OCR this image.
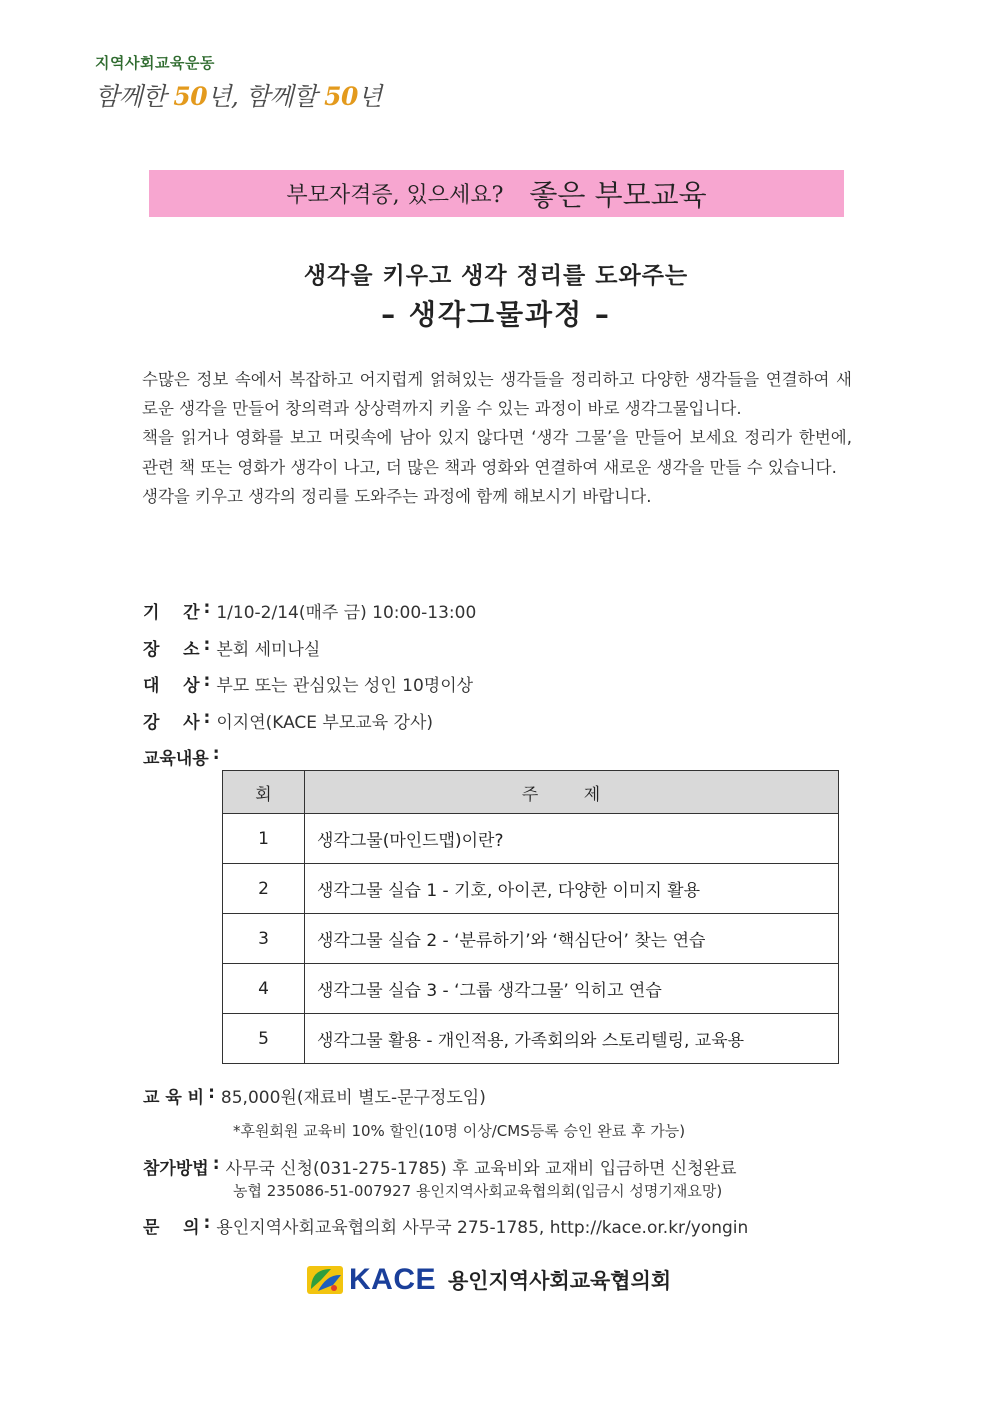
지역사회교육운동
함께한 50년, 함께할 50년
부모자격증, 있으세요? 좋은 부모교육
생각을 키우고 생각 정리를 도와주는
– 생각그물과정 –

수많은 정보 속에서 복잡하고 어지럽게 얽혀있는 생각들을 정리하고 다양한 생각들을 연결하여 새로운 생각을 만들어 창의력과 상상력까지 키울 수 있는 과정이 바로 생각그물입니다.

책을 읽거나 영화를 보고 머릿속에 남아 있지 않다면 ‘생각 그물’을 만들어 보세요 정리가 한번에, 관련 책 또는 영화가 생각이 나고, 더 많은 책과 영화와 연결하여 새로운 생각을 만들 수 있습니다.

생각을 키우고 생각의 정리를 도와주는 과정에 함께 해보시기 바랍니다.

기    간 : 1/10-2/14(매주 금) 10:00-13:00
장    소 : 본회 세미나실
대    상 : 부모 또는 관심있는 성인 10명이상
강    사 : 이지연(KACE 부모교육 강사)
교육내용 :
회	주 제
1	생각그물(마인드맵)이란?
2	생각그물 실습 1 - 기호, 아이콘, 다양한 이미지 활용
3	생각그물 실습 2 - ‘분류하기’와 ‘핵심단어’ 찾는 연습
4	생각그물 실습 3 - ‘그룹 생각그물’ 익히고 연습
5	생각그물 활용 - 개인적용, 가족회의와 스토리텔링, 교육용
교 육 비 : 85,000원(재료비 별도-문구정도임)
*후원회원 교육비 10% 할인(10명 이상/CMS등록 승인 완료 후 가능)
참가방법 : 사무국 신청(031-275-1785) 후 교육비와 교재비 입금하면 신청완료
농협 235086-51-007927 용인지역사회교육협의회(입금시 성명기재요망)
문    의 : 용인지역사회교육협의회 사무국 275-1785, http://kace.or.kr/yongin
KACE 용인지역사회교육협의회
